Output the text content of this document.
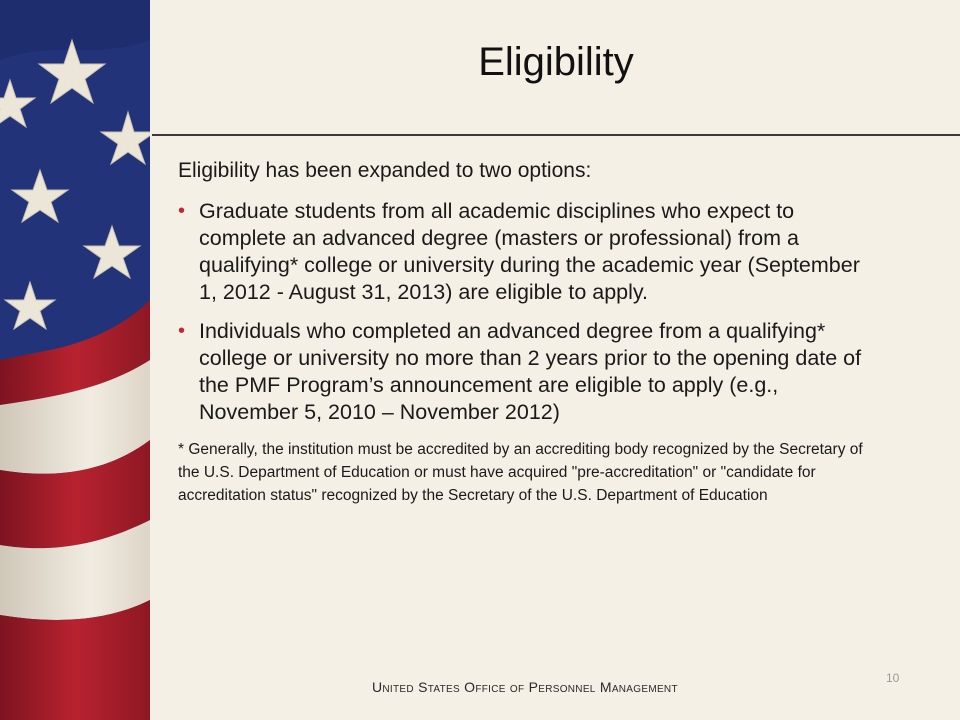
Eligibility

Eligibility has been expanded to two options:

• Graduate students from all academic disciplines who expect to complete an advanced degree (masters or professional) from a qualifying* college or university during the academic year (September 1, 2012 - August 31, 2013) are eligible to apply.
• Individuals who completed an advanced degree from a qualifying* college or university no more than 2 years prior to the opening date of the PMF Program’s announcement are eligible to apply (e.g., November 5, 2010 – November 2012)

* Generally, the institution must be accredited by an accrediting body recognized by the Secretary of the U.S. Department of Education or must have acquired "pre-accreditation" or "candidate for accreditation status" recognized by the Secretary of the U.S. Department of Education

United States Office of Personnel Management
10
